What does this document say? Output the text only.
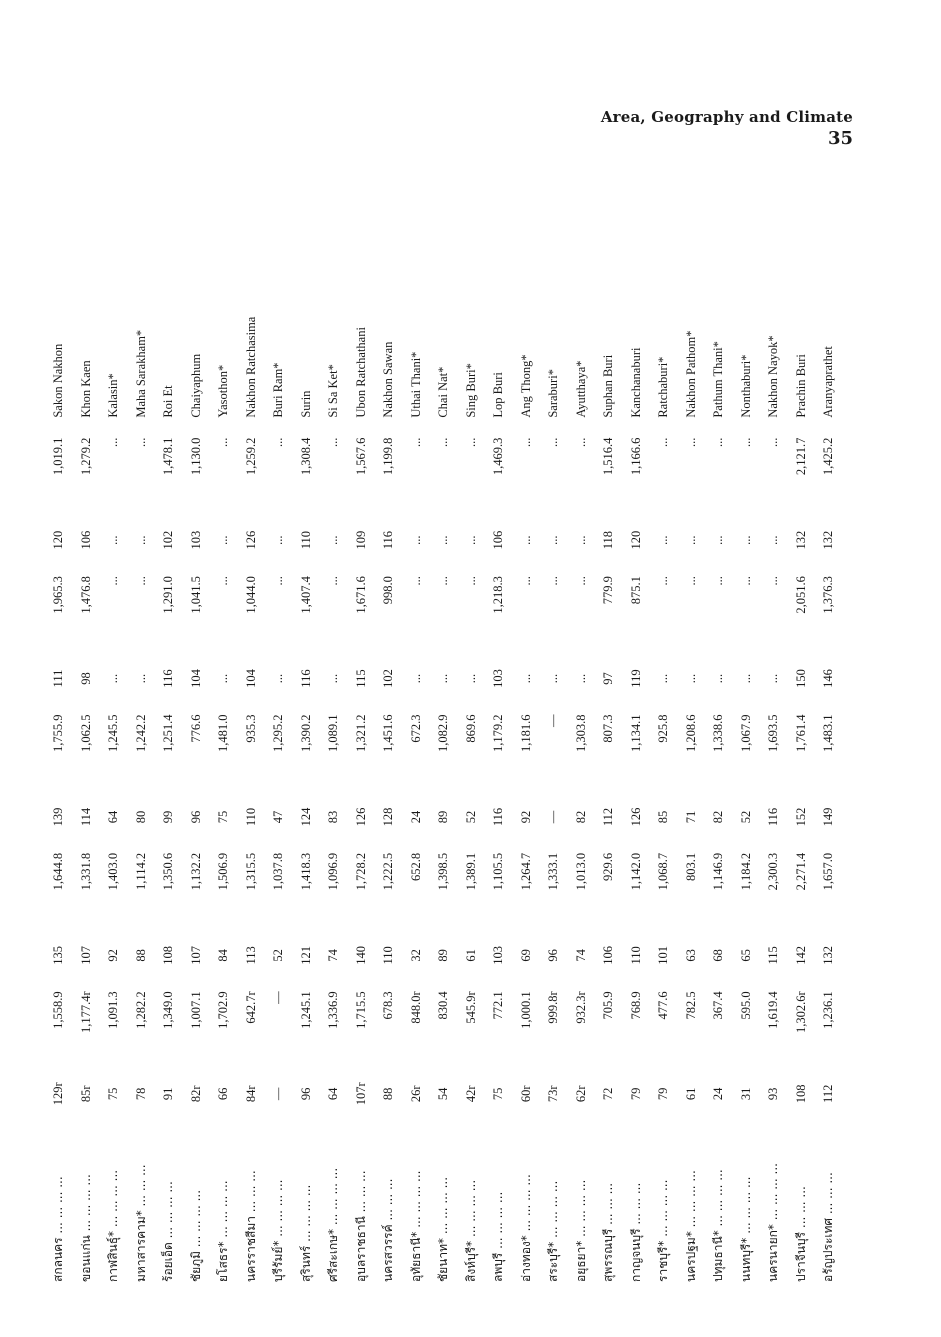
Area, Geography and Climate
35
สกลนคร ... ... ... ...	129r	1,558.9	135	1,644.8	139	1,755.9	111	1,965.3	120	1,019.1	Sakon Nakhon
ขอนแก่น ... ... ... ...	85r	1,177.4r	107	1,331.8	114	1,062.5	98	1,476.8	106	1,279.2	Khon Kaen
กาฬสินธุ์* ... ... ... ...	75	1,091.3	92	1,403.0	64	1,245.5	...	...	...	...	Kalasin*
มหาสารคาม* ... ... ...	78	1,282.2	88	1,114.2	80	1,242.2	...	...	...	...	Maha Sarakham*
ร้อยเอ็ด ... ... ... ...	91	1,349.0	108	1,350.6	99	1,251.4	116	1,291.0	102	1,478.1	Roi Et
ชัยภูมิ ... ... ... ...	82r	1,007.1	107	1,132.2	96	776.6	104	1,041.5	103	1,130.0	Chaiyaphum
ยโสธร* ... ... ... ...	66	1,702.9	84	1,506.9	75	1,481.0	...	...	...	...	Yasothon*
นครราชสีมา ... ... ...	84r	642.7r	113	1,315.5	110	935.3	104	1,044.0	126	1,259.2	Nakhon Ratchasima
บุรีรัมย์* ... ... ... ...	—	—	52	1,037.8	47	1,295.2	...	...	...	...	Buri Ram*
สุรินทร์ ... ... ... ...	96	1,245.1	121	1,418.3	124	1,390.2	116	1,407.4	110	1,308.4	Surin
ศรีสะเกษ* ... ... ... ...	64	1,336.9	74	1,096.9	83	1,089.1	...	...	...	...	Si Sa Ket*
อุบลราชธานี ... ... ...	107r	1,715.5	140	1,728.2	126	1,321.2	115	1,671.6	109	1,567.6	Ubon Ratchathani
นครสวรรค์ ... ... ...	88	678.3	110	1,222.5	128	1,451.6	102	998.0	116	1,199.8	Nakhon Sawan
อุทัยธานี* ... ... ... ...	26r	848.0r	32	652.8	24	672.3	...	...	...	...	Uthai Thani*
ชัยนาท* ... ... ... ...	54	830.4	89	1,398.5	89	1,082.9	...	...	...	...	Chai Nat*
สิงห์บุรี* ... ... ... ...	42r	545.9r	61	1,389.1	52	869.6	...	...	...	...	Sing Buri*
ลพบุรี ... ... ... ...	75	772.1	103	1,105.5	116	1,179.2	103	1,218.3	106	1,469.3	Lop Buri
อ่างทอง* ... ... ... ...	60r	1,000.1	69	1,264.7	92	1,181.6	...	...	...	...	Ang Thong*
สระบุรี* ... ... ... ...	73r	999.8r	96	1,333.1	—	—	...	...	...	...	Saraburi*
อยุธยา* ... ... ... ...	62r	932.3r	74	1,013.0	82	1,303.8	...	...	...	...	Ayutthaya*
สุพรรณบุรี ... ... ...	72	705.9	106	929.6	112	807.3	97	779.9	118	1,516.4	Suphan Buri
กาญจนบุรี ... ... ...	79	768.9	110	1,142.0	126	1,134.1	119	875.1	120	1,166.6	Kanchanaburi
ราชบุรี* ... ... ... ...	79	477.6	101	1,068.7	85	925.8	...	...	...	...	Ratchaburi*
นครปฐม* ... ... ... ...	61	782.5	63	803.1	71	1,208.6	...	...	...	...	Nakhon Pathom*
ปทุมธานี* ... ... ... ...	24	367.4	68	1,146.9	82	1,338.6	...	...	...	...	Pathum Thani*
นนทบุรี* ... ... ... ...	31	595.0	65	1,184.2	52	1,067.9	...	...	...	...	Nonthaburi*
นครนายก* ... ... ... ...	93	1,619.4	115	2,300.3	116	1,693.5	...	...	...	...	Nakhon Nayok*
ปราจีนบุรี ... ... ...	108	1,302.6r	142	2,271.4	152	1,761.4	150	2,051.6	132	2,121.7	Prachin Buri
อรัญประเทศ ... ... ...	112	1,236.1	132	1,657.0	149	1,483.1	146	1,376.3	132	1,425.2	Aranyaprathet
